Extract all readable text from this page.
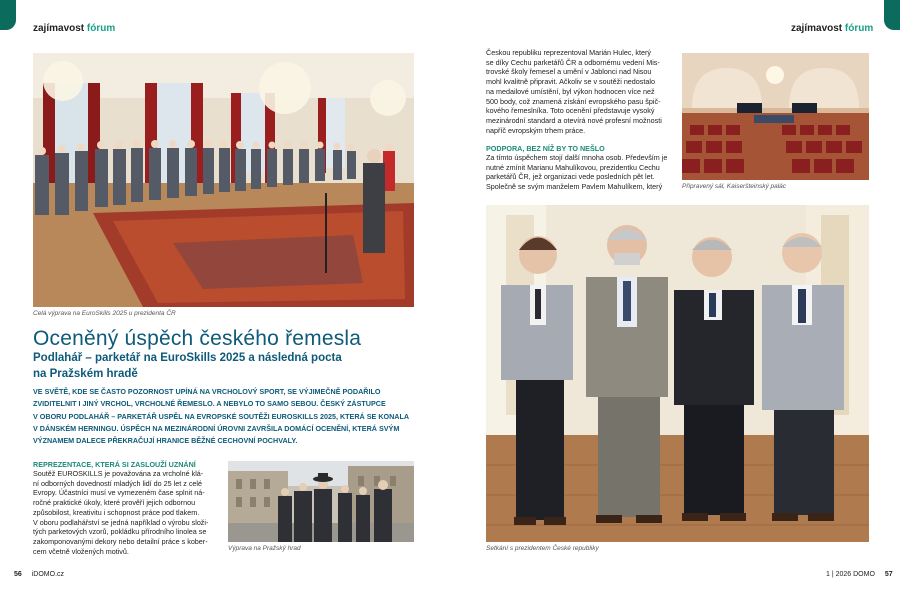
zajímavost fórum	zajímavost fórum
Celá výprava na EuroSkills 2025 u prezidenta ČR
Oceněný úspěch českého řemesla
Podlahář – parketář na EuroSkills 2025 a následná pocta
na Pražském hradě
VE SVĚTĚ, KDE SE ČASTO POZORNOST UPÍNÁ NA VRCHOLOVÝ SPORT, SE VÝJIMEČNĚ PODAŘILO
ZVIDITELNIT I JINÝ VRCHOL, VRCHOLNÉ ŘEMESLO. A NEBYLO TO SAMO SEBOU. ČESKÝ ZÁSTUPCE
V OBORU PODLAHÁŘ – PARKETÁŘ USPĚL NA EVROPSKÉ SOUTĚŽI EUROSKILLS 2025, KTERÁ SE KONALA
V DÁNSKÉM HERNINGU. ÚSPĚCH NA MEZINÁRODNÍ ÚROVNI ZAVRŠILA DOMÁCÍ OCENĚNÍ, KTERÁ SVÝM
VÝZNAMEM DALECE PŘEKRAČUJÍ HRANICE BĚŽNÉ CECHOVNÍ POCHVALY.
REPREZENTACE, KTERÁ SI ZASLOUŽÍ UZNÁNÍ
Soutěž EUROSKILLS je považována za vrcholné klá-
ní odborných dovedností mladých lidí do 25 let z celé
Evropy. Účastníci musí ve vymezeném čase splnit ná-
ročné praktické úkoly, které prověří jejich odbornou
způsobilost, kreativitu i schopnost práce pod tlakem.
V oboru podlahářství se jedná například o výrobu složi-
tých parketových vzorů, pokládku přírodního linolea se
zakomponovanými dekory nebo detailní práce s kober-
cem včetně vložených motivů.	Výprava na Pražský hrad
Českou republiku reprezentoval Marián Hulec, který
se díky Cechu parketářů ČR a odbornému vedení Mis-
trovské školy řemesel a umění v Jablonci nad Nisou
mohl kvalitně připravit. Ačkoliv se v soutěži nedostalo
na medailové umístění, byl výkon hodnocen více než
500 body, což znamená získání evropského pasu špič-
kového řemeslníka. Toto ocenění představuje vysoký
mezinárodní standard a otevírá nové profesní možnosti
napříč evropským trhem práce.
PODPORA, BEZ NÍŽ BY TO NEŠLO
Za tímto úspěchem stojí další mnoha osob. Především je
nutné zmínit Marianu Mahulíkovou, prezidentku Cechu
parketářů ČR, jež organizaci vede posledních pět let.
Společně se svým manželem Pavlem Mahulíkem, který	Připravený sál, Kaiseršteinský palác
Setkání s prezidentem České republiky
56 iDOMO.cz	1 | 2026 DOMO 57
